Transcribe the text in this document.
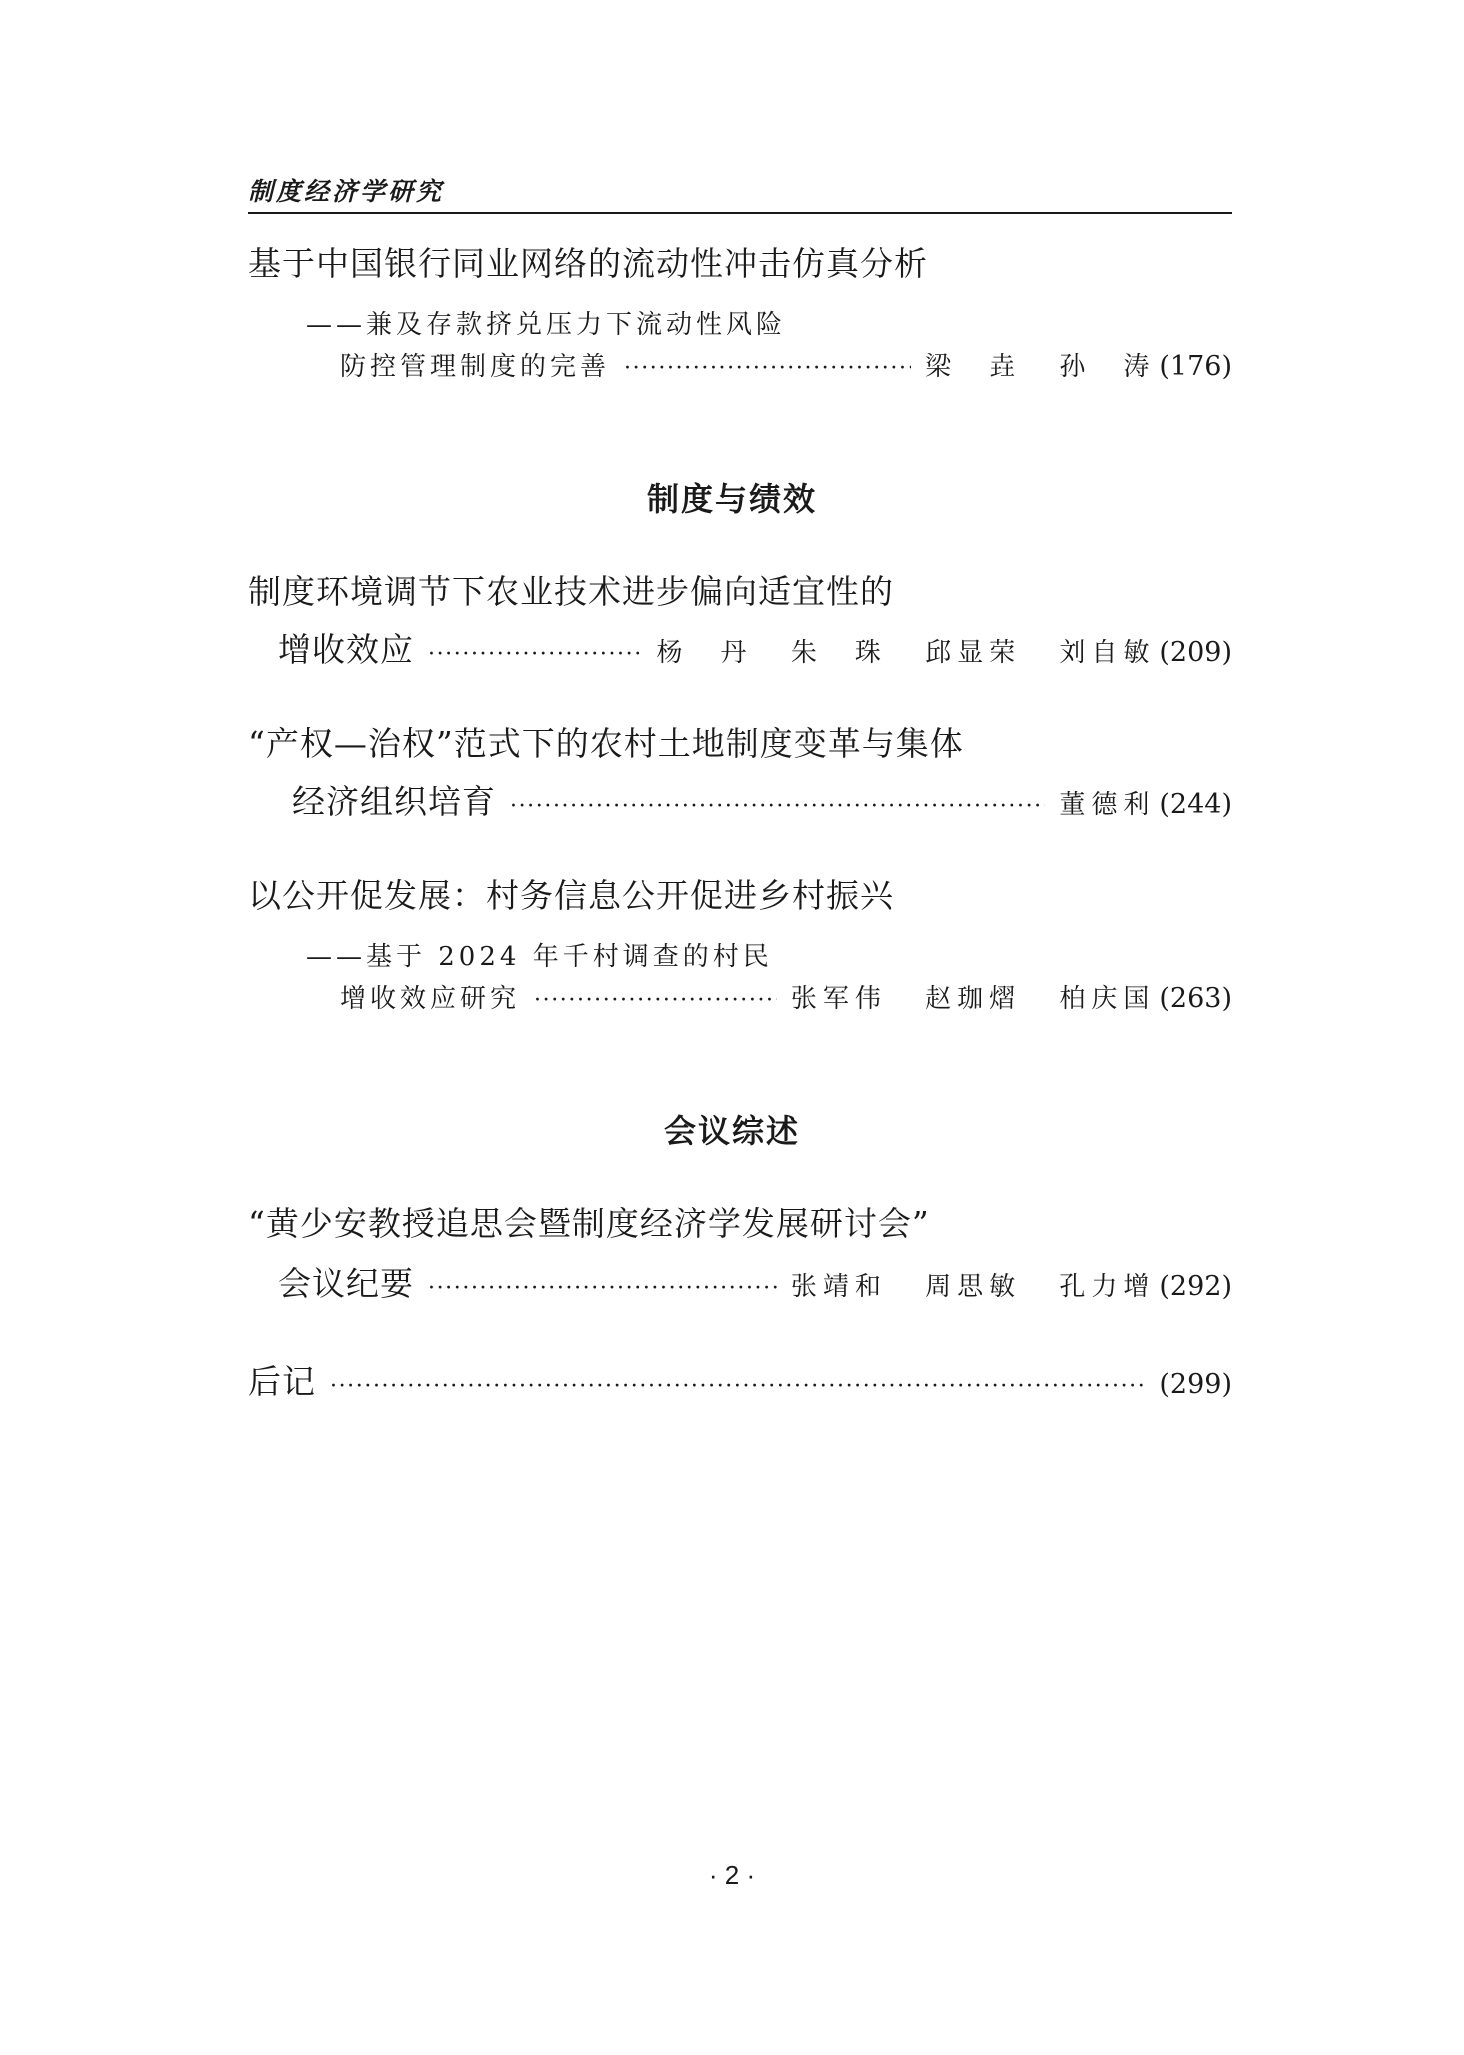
制度经济学研究
基于中国银行同业网络的流动性冲击仿真分析
——兼及存款挤兑压力下流动性风险
防控管理制度的完善 ·····	梁　垚 孙　涛 (176)
制度与绩效
制度环境调节下农业技术进步偏向适宜性的
增收效应 ·····	杨　丹 朱　珠 邱显荣 刘自敏 (209)
“产权—治权”范式下的农村土地制度变革与集体
经济组织培育 ·····	董德利 (244)
以公开促发展：村务信息公开促进乡村振兴
——基于 2024 年千村调查的村民
增收效应研究 ·····	张军伟 赵珈熠 柏庆国 (263)
会议综述
“黄少安教授追思会暨制度经济学发展研讨会”
会议纪要 ·····	张靖和 周思敏 孔力增 (292)
后记 ·····	(299)
· 2 ·
